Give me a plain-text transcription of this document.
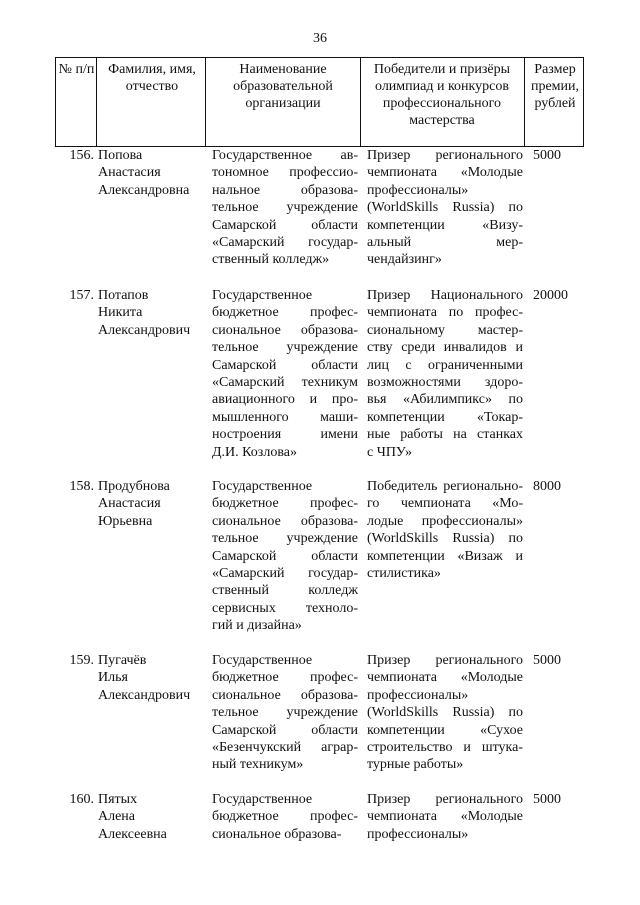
36
№ п/п Фамилия, имя, отчество
Наименование образовательной организации
Победители и призёры олимпиад и конкурсов профессионального мастерства
Размер премии, рублей
156. Попова
Анастасия
Александровна
Государственное ав-
тономное профессио-
нальное образова-
тельное учреждение
Самарской области
«Самарский государ-
ственный колледж»
Призер регионального
чемпионата «Молодые
профессионалы»
(WorldSkills Russia) по
компетенции «Визу-
альный мер-
чендайзинг»
5000
157. Потапов
Никита
Александрович
Государственное
бюджетное профес-
сиональное образова-
тельное учреждение
Самарской области
«Самарский техникум
авиационного и про-
мышленного маши-
ностроения имени
Д.И. Козлова»
Призер Национального
чемпионата по профес-
сиональному мастер-
ству среди инвалидов и
лиц с ограниченными
возможностями здоро-
вья «Абилимпикс» по
компетенции «Токар-
ные работы на станках
с ЧПУ»
20000
158. Продубнова
Анастасия
Юрьевна
Государственное
бюджетное профес-
сиональное образова-
тельное учреждение
Самарской области
«Самарский государ-
ственный колледж
сервисных техноло-
гий и дизайна»
Победитель регионально-
го чемпионата «Мо-
лодые профессионалы»
(WorldSkills Russia) по
компетенции «Визаж и
стилистика»
8000
159. Пугачёв
Илья
Александрович
Государственное
бюджетное профес-
сиональное образова-
тельное учреждение
Самарской области
«Безенчукский аграр-
ный техникум»
Призер регионального
чемпионата «Молодые
профессионалы»
(WorldSkills Russia) по
компетенции «Сухое
строительство и штука-
турные работы»
5000
160. Пятых
Алена
Алексеевна
Государственное
бюджетное профес-
сиональное образова-
Призер регионального
чемпионата «Молодые
профессионалы»
5000
